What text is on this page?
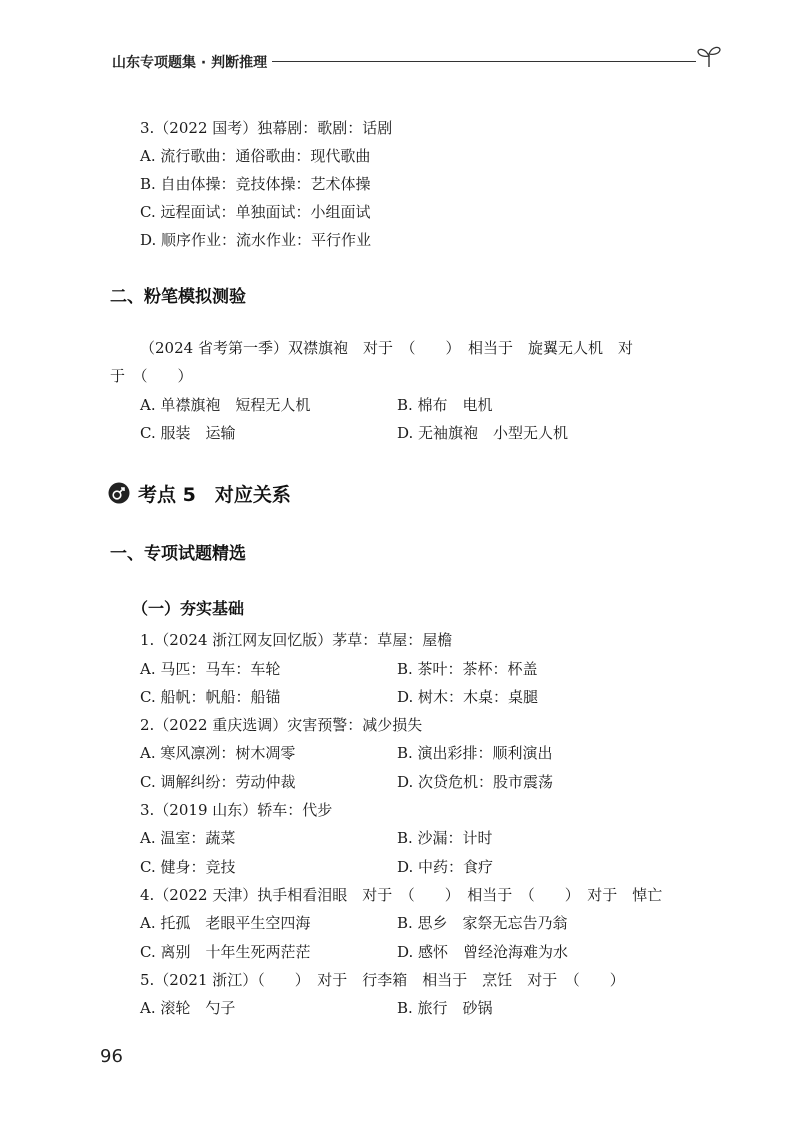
山东专项题集 · 判断推理
3.（2022 国考）独幕剧：歌剧：话剧
A. 流行歌曲：通俗歌曲：现代歌曲
B. 自由体操：竞技体操：艺术体操
C. 远程面试：单独面试：小组面试
D. 顺序作业：流水作业：平行作业
二、粉笔模拟测验
（2024 省考第一季）双襟旗袍　对于　（　　）　相当于　旋翼无人机　对
于　（　　）
A. 单襟旗袍　短程无人机	B. 棉布　电机
C. 服装　运输	D. 无袖旗袍　小型无人机
考点 5　对应关系
一、专项试题精选
（一）夯实基础
1.（2024 浙江网友回忆版）茅草：草屋：屋檐
A. 马匹：马车：车轮	B. 茶叶：茶杯：杯盖
C. 船帆：帆船：船锚	D. 树木：木桌：桌腿
2.（2022 重庆选调）灾害预警：减少损失
A. 寒风凛冽：树木凋零	B. 演出彩排：顺利演出
C. 调解纠纷：劳动仲裁	D. 次贷危机：股市震荡
3.（2019 山东）轿车：代步
A. 温室：蔬菜	B. 沙漏：计时
C. 健身：竞技	D. 中药：食疗
4.（2022 天津）执手相看泪眼　对于　（　　）　相当于　（　　）　对于　悼亡
A. 托孤　老眼平生空四海	B. 思乡　家祭无忘告乃翁
C. 离别　十年生死两茫茫	D. 感怀　曾经沧海难为水
5.（2021 浙江）（　　）　对于　行李箱　相当于　烹饪　对于　（　　）
A. 滚轮　勺子	B. 旅行　砂锅
96
